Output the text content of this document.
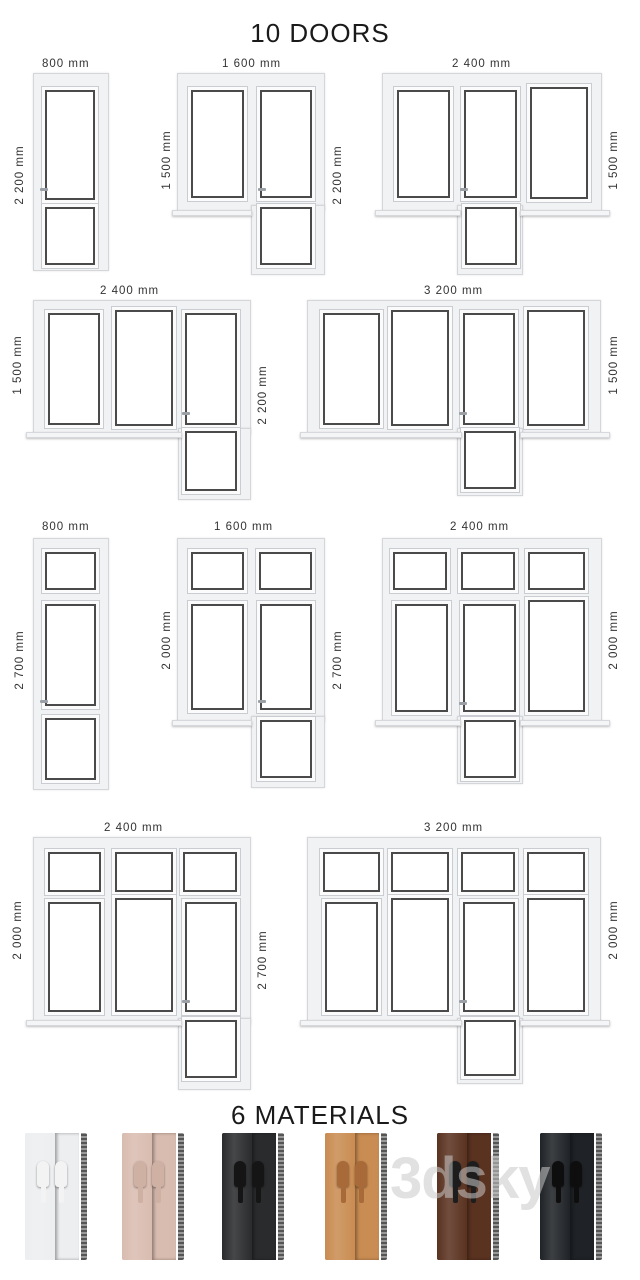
10 DOORS
6 MATERIALS
800 mm
2 200 mm
1 600 mm
1 500 mm	2 200 mm
2 400 mm
1 500 mm
2 400 mm
1 500 mm
2 200 mm
3 200 mm
1 500 mm
800 mm
2 700 mm
1 600 mm
2 000 mm	2 700 mm
2 400 mm
2 000 mm
2 400 mm
2 000 mm
2 700 mm
3 200 mm
2 000 mm
3dsky
